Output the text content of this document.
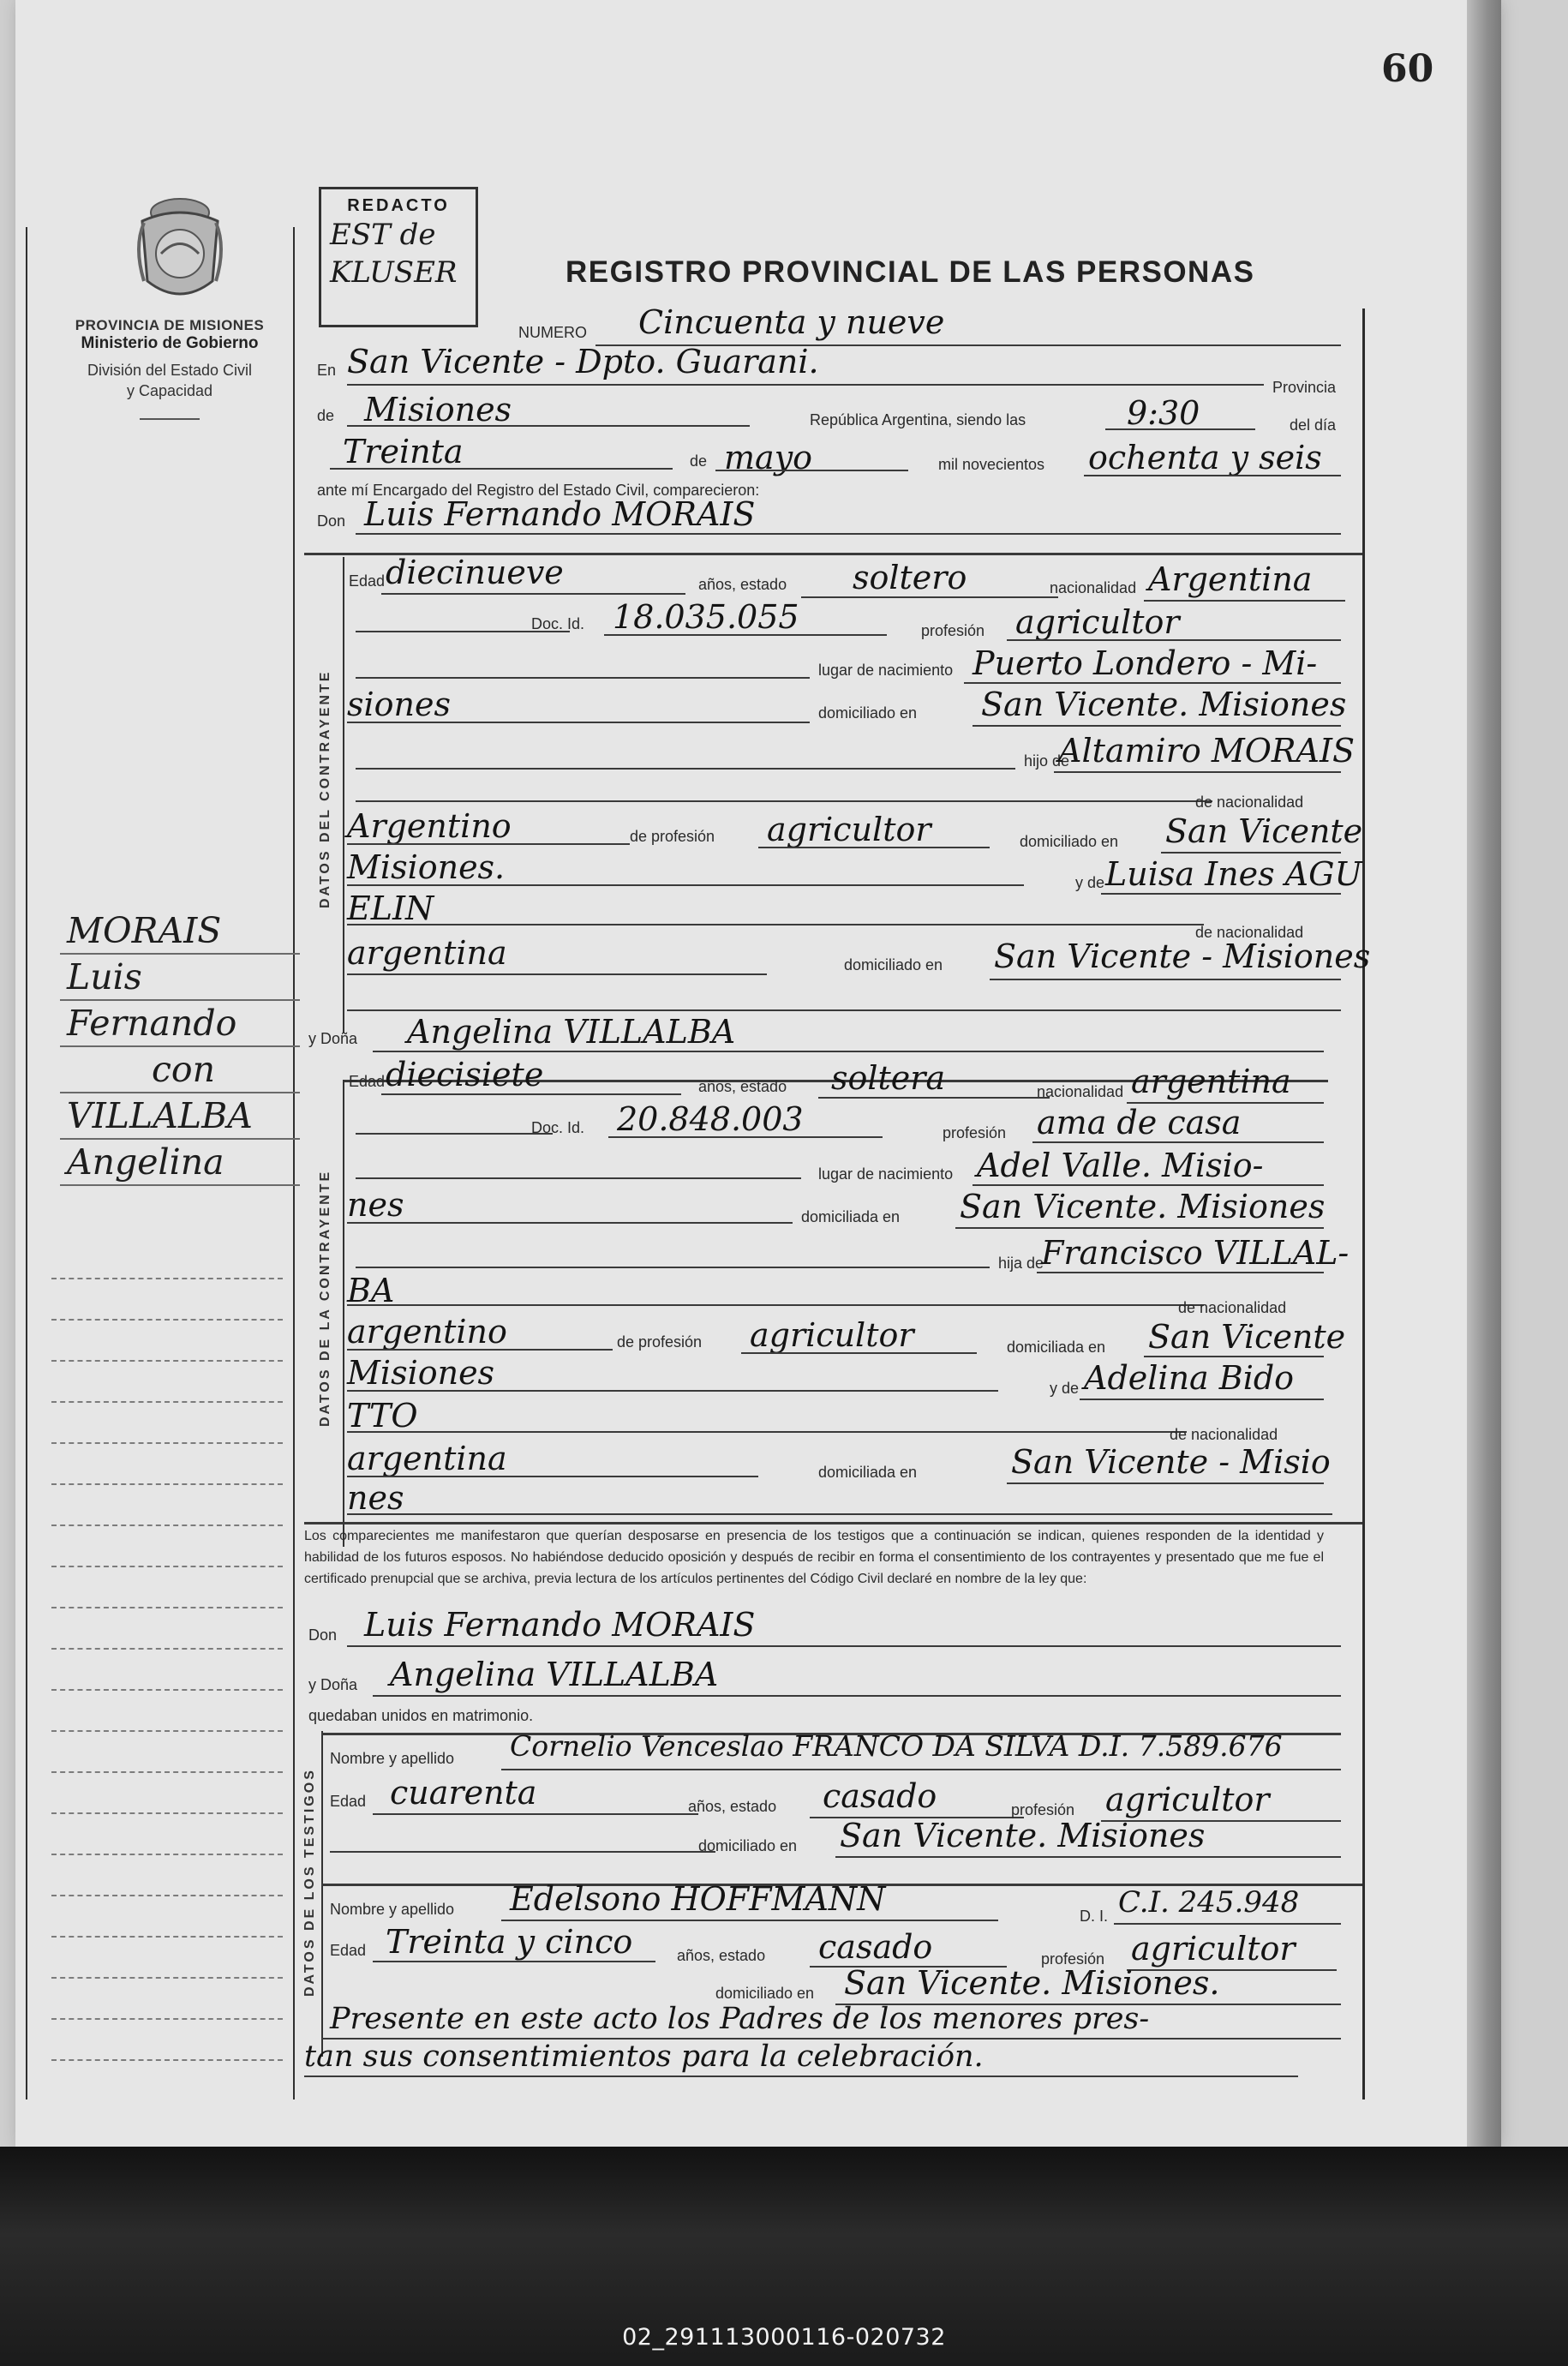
60
PROVINCIA DE MISIONES
Ministerio de Gobierno
División del Estado Civil
y Capacidad
MORAIS
Luis
Fernando
con
VILLALBA
Angelina
REDACTO
EST de
KLUSER	REGISTRO PROVINCIAL DE LAS PERSONAS
NUMERO Cincuenta y nueve
En San Vicente - Dpto. Guarani.
Provincia
de Misiones	República Argentina, siendo las	9:30	del día
Treinta	de mayo	mil novecientos ochenta y seis
ante mí Encargado del Registro del Estado Civil, comparecieron:
Don Luis Fernando MORAIS
DATOS DEL CONTRAYENTE
Edad diecinueve	años, estado soltero	nacionalidad Argentina
Doc. Id. 18.035.055	profesión agricultor
lugar de nacimiento Puerto Londero - Mi-
siones	domiciliado en San Vicente. Misiones
hijo de
Altamiro MORAIS
de nacionalidad
Argentino	de profesión agricultor	domiciliado en San Vicente
Misiones.	y de Luisa Ines AGU
ELIN
de nacionalidad
argentina	domiciliado en San Vicente - Misiones
y Doña Angelina VILLALBA
DATOS DE LA CONTRAYENTE
Edad diecisiete	años, estado soltera	nacionalidad argentina
Doc. Id. 20.848.003	profesión ama de casa
lugar de nacimiento Adel Valle. Misio-
nes	domiciliada en San Vicente. Misiones
hija de
Francisco VILLAL-
BA	de nacionalidad
argentino	de profesión agricultor	domiciliada en San Vicente
Misiones	y de Adelina Bido
TTO	de nacionalidad
argentina	domiciliada en	San Vicente - Misio
nes
Los comparecientes me manifestaron que querían desposarse en presencia de los testigos que a continuación se indican, quienes responden de la identidad y habilidad de los futuros esposos. No habiéndose deducido oposición y después de recibir en forma el consentimiento de los contrayentes y presentado que me fue el certificado prenupcial que se archiva, previa lectura de los artículos pertinentes del Código Civil declaré en nombre de la ley que:
Don Luis Fernando MORAIS
y Doña Angelina VILLALBA
quedaban unidos en matrimonio.
DATOS DE LOS TESTIGOS
Nombre y apellido Cornelio Venceslao FRANCO DA SILVA D.I. 7.589.676
Edad cuarenta	años, estado casado	profesión agricultor
domiciliado en San Vicente. Misiones
Nombre y apellido Edelsono HOFFMANN	D. I. C.I. 245.948
Edad Treinta y cinco	años, estado casado	profesión agricultor
domiciliado en San Vicente. Misiones.
Presente en este acto los Padres de los menores pres-
tan sus consentimientos para la celebración.
02_291113000116-020732
